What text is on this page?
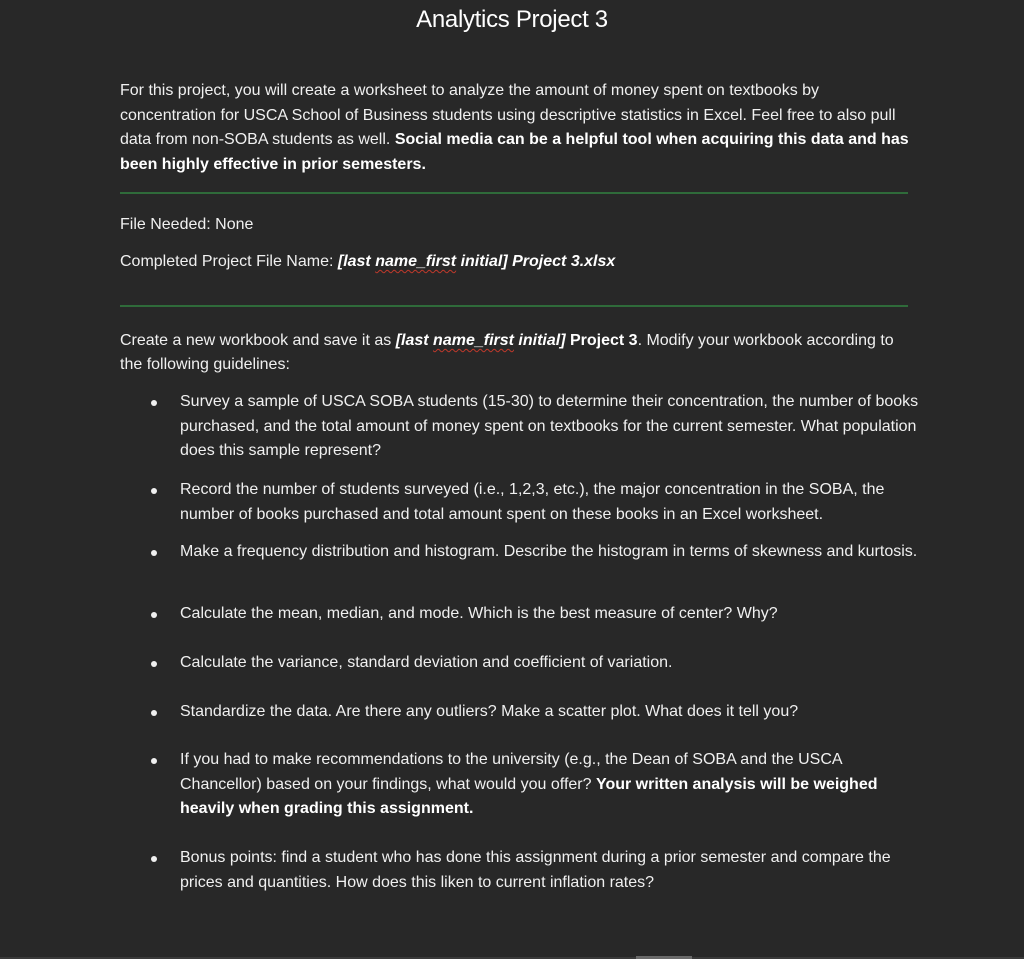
Analytics Project 3
For this project, you will create a worksheet to analyze the amount of money spent on textbooks by concentration for USCA School of Business students using descriptive statistics in Excel. Feel free to also pull data from non-SOBA students as well. Social media can be a helpful tool when acquiring this data and has been highly effective in prior semesters.
File Needed: None
Completed Project File Name: [last name_first initial] Project 3.xlsx
Create a new workbook and save it as [last name_first initial] Project 3. Modify your workbook according to the following guidelines:
Survey a sample of USCA SOBA students (15-30) to determine their concentration, the number of books purchased, and the total amount of money spent on textbooks for the current semester. What population does this sample represent?
Record the number of students surveyed (i.e., 1,2,3, etc.), the major concentration in the SOBA, the number of books purchased and total amount spent on these books in an Excel worksheet.
Make a frequency distribution and histogram. Describe the histogram in terms of skewness and kurtosis.
Calculate the mean, median, and mode. Which is the best measure of center? Why?
Calculate the variance, standard deviation and coefficient of variation.
Standardize the data. Are there any outliers? Make a scatter plot. What does it tell you?
If you had to make recommendations to the university (e.g., the Dean of SOBA and the USCA Chancellor) based on your findings, what would you offer? Your written analysis will be weighed heavily when grading this assignment.
Bonus points: find a student who has done this assignment during a prior semester and compare the prices and quantities. How does this liken to current inflation rates?
